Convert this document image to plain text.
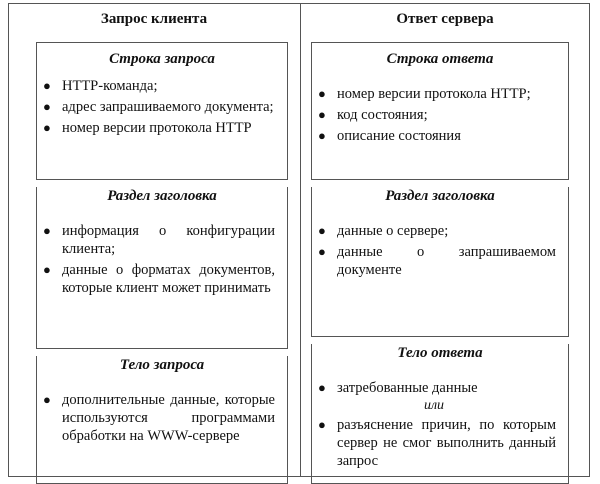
Запрос клиента
Строка запроса
● HTTP-команда;
● адрес запрашиваемого документа;
● номер версии протокола HTTP
Раздел заголовка
● информация о конфигурации клиента;
● данные о форматах документов, которые клиент может принимать
Тело запроса
● дополнительные данные, которые используются программами обработки на WWW-сервере
Ответ сервера
Строка ответа
● номер версии протокола HTTP;
● код состояния;
● описание состояния
Раздел заголовка
● данные о сервере;
● данные о запрашиваемом документе
Тело ответа
● затребованные данные
или
● разъяснение причин, по которым сервер не смог выполнить данный запрос
